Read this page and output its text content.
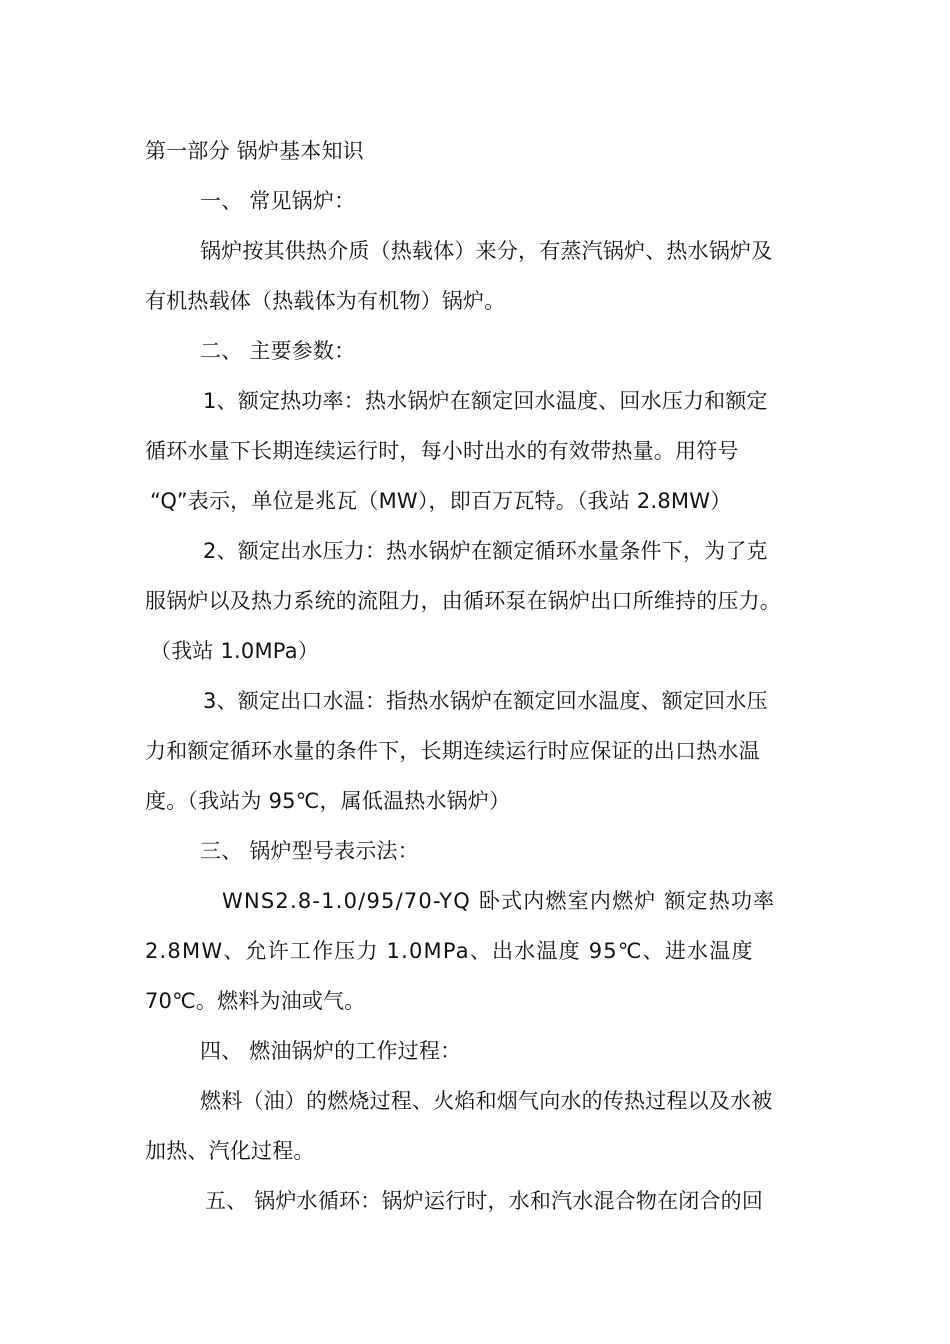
第一部分 锅炉基本知识
一、 常见锅炉：
锅炉按其供热介质（热载体）来分，有蒸汽锅炉、热水锅炉及
有机热载体（热载体为有机物）锅炉。
二、 主要参数：
1、额定热功率：热水锅炉在额定回水温度、回水压力和额定
循环水量下长期连续运行时，每小时出水的有效带热量。用符号
“Q”表示，单位是兆瓦（MW），即百万瓦特。（我站 2.8MW）
2、额定出水压力：热水锅炉在额定循环水量条件下，为了克
服锅炉以及热力系统的流阻力，由循环泵在锅炉出口所维持的压力。
（我站 1.0MPa）
3、额定出口水温：指热水锅炉在额定回水温度、额定回水压
力和额定循环水量的条件下，长期连续运行时应保证的出口热水温
度。（我站为 95℃，属低温热水锅炉）
三、 锅炉型号表示法：
WNS2.8-1.0/95/70-YQ 卧式内燃室内燃炉 额定热功率
2.8MW、允许工作压力 1.0MPa、出水温度 95℃、进水温度
70℃。燃料为油或气。
四、 燃油锅炉的工作过程：
燃料（油）的燃烧过程、火焰和烟气向水的传热过程以及水被
加热、汽化过程。
五、 锅炉水循环：锅炉运行时，水和汽水混合物在闭合的回
